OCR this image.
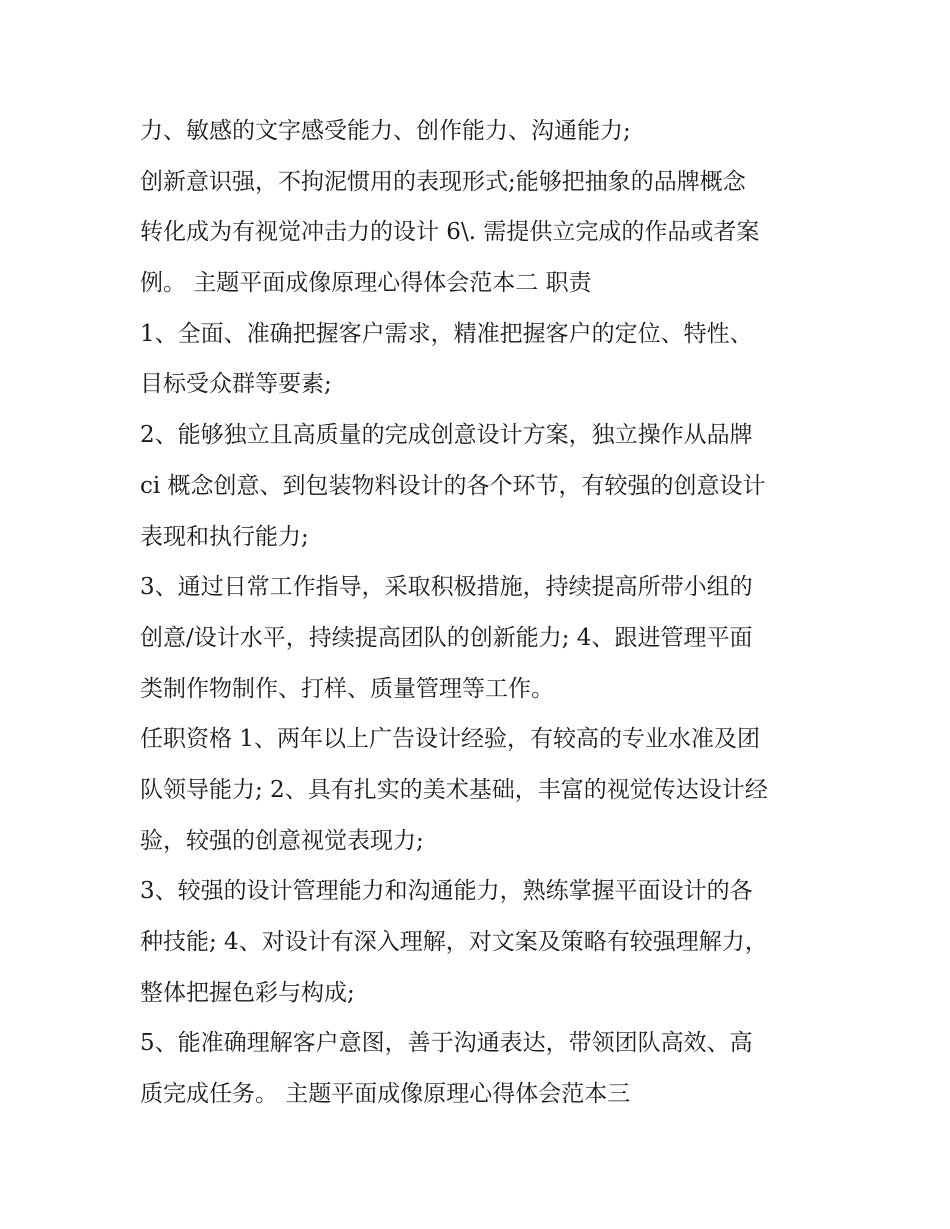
力、敏感的文字感受能力、创作能力、沟通能力;
创新意识强，不拘泥惯用的表现形式;能够把抽象的品牌概念
转化成为有视觉冲击力的设计 6\. 需提供立完成的作品或者案
例。 主题平面成像原理心得体会范本二 职责
1、全面、准确把握客户需求，精准把握客户的定位、特性、
目标受众群等要素;
2、能够独立且高质量的完成创意设计方案，独立操作从品牌
ci 概念创意、到包装物料设计的各个环节，有较强的创意设计
表现和执行能力;
3、通过日常工作指导，采取积极措施，持续提高所带小组的
创意/设计水平，持续提高团队的创新能力; 4、跟进管理平面
类制作物制作、打样、质量管理等工作。
任职资格 1、两年以上广告设计经验，有较高的专业水准及团
队领导能力; 2、具有扎实的美术基础，丰富的视觉传达设计经
验，较强的创意视觉表现力;
3、较强的设计管理能力和沟通能力，熟练掌握平面设计的各
种技能; 4、对设计有深入理解，对文案及策略有较强理解力，
整体把握色彩与构成;
5、能准确理解客户意图，善于沟通表达，带领团队高效、高
质完成任务。 主题平面成像原理心得体会范本三
